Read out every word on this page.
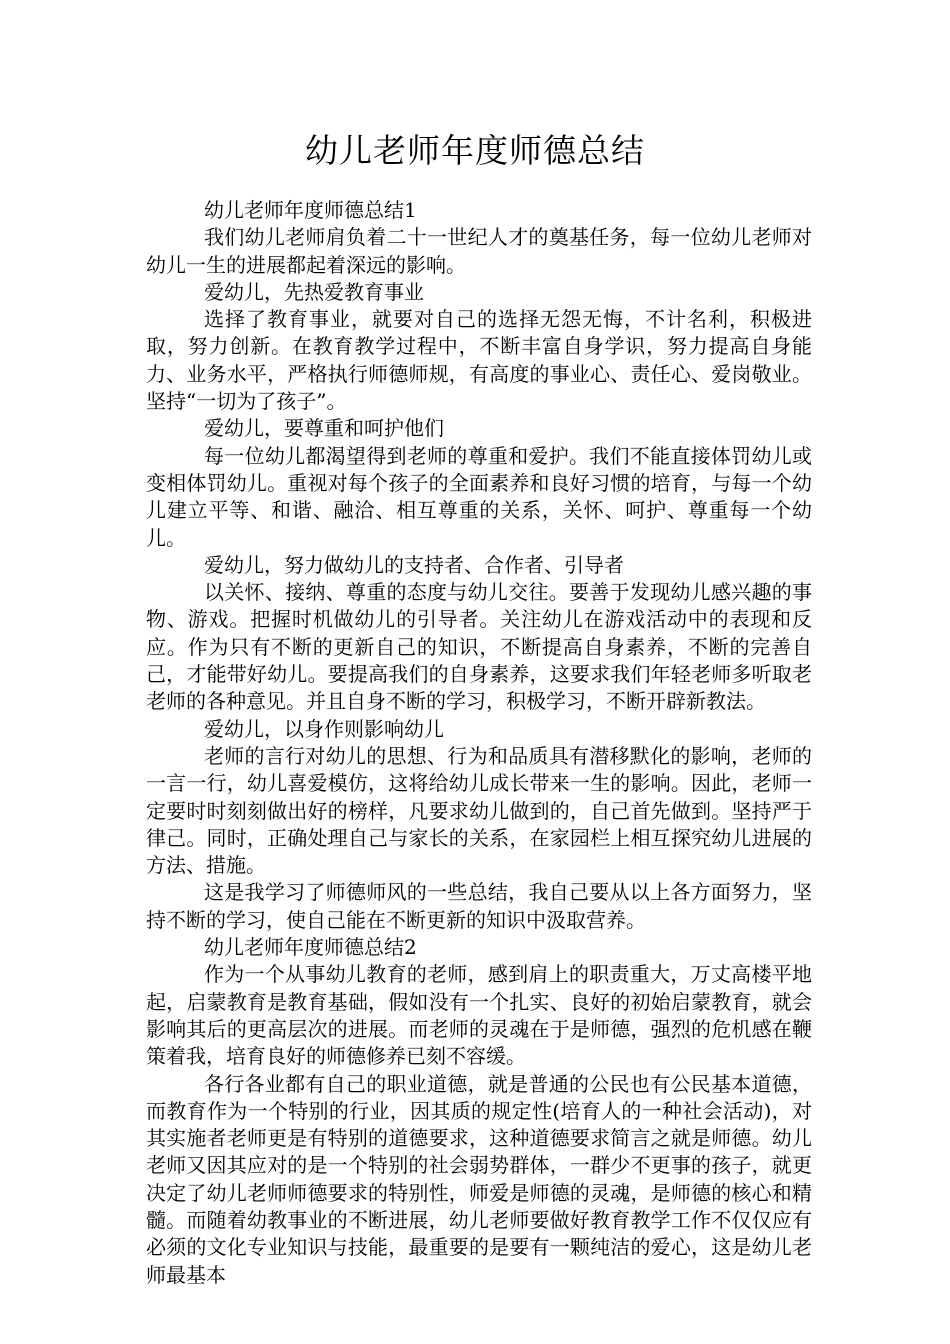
幼儿老师年度师德总结

幼儿老师年度师德总结1

我们幼儿老师肩负着二十一世纪人才的奠基任务，每一位幼儿老师对幼儿一生的进展都起着深远的影响。

爱幼儿，先热爱教育事业

选择了教育事业，就要对自己的选择无怨无悔，不计名利，积极进取，努力创新。在教育教学过程中，不断丰富自身学识，努力提高自身能力、业务水平，严格执行师德师规，有高度的事业心、责任心、爱岗敬业。坚持“一切为了孩子”。

爱幼儿，要尊重和呵护他们

每一位幼儿都渴望得到老师的尊重和爱护。我们不能直接体罚幼儿或变相体罚幼儿。重视对每个孩子的全面素养和良好习惯的培育，与每一个幼儿建立平等、和谐、融洽、相互尊重的关系，关怀、呵护、尊重每一个幼儿。

爱幼儿，努力做幼儿的支持者、合作者、引导者

以关怀、接纳、尊重的态度与幼儿交往。要善于发现幼儿感兴趣的事物、游戏。把握时机做幼儿的引导者。关注幼儿在游戏活动中的表现和反应。作为只有不断的更新自己的知识，不断提高自身素养，不断的完善自己，才能带好幼儿。要提高我们的自身素养，这要求我们年轻老师多听取老老师的各种意见。并且自身不断的学习，积极学习，不断开辟新教法。

爱幼儿，以身作则影响幼儿

老师的言行对幼儿的思想、行为和品质具有潜移默化的影响，老师的一言一行，幼儿喜爱模仿，这将给幼儿成长带来一生的影响。因此，老师一定要时时刻刻做出好的榜样，凡要求幼儿做到的，自己首先做到。坚持严于律己。同时，正确处理自己与家长的关系，在家园栏上相互探究幼儿进展的方法、措施。

这是我学习了师德师风的一些总结，我自己要从以上各方面努力，坚持不断的学习，使自己能在不断更新的知识中汲取营养。

幼儿老师年度师德总结2

作为一个从事幼儿教育的老师，感到肩上的职责重大，万丈高楼平地起，启蒙教育是教育基础，假如没有一个扎实、良好的初始启蒙教育，就会影响其后的更高层次的进展。而老师的灵魂在于是师德，强烈的危机感在鞭策着我，培育良好的师德修养已刻不容缓。

各行各业都有自己的职业道德，就是普通的公民也有公民基本道德，而教育作为一个特别的行业，因其质的规定性(培育人的一种社会活动)，对其实施者老师更是有特别的道德要求，这种道德要求简言之就是师德。幼儿老师又因其应对的是一个特别的社会弱势群体，一群少不更事的孩子，就更决定了幼儿老师师德要求的特别性，师爱是师德的灵魂，是师德的核心和精髓。而随着幼教事业的不断进展，幼儿老师要做好教育教学工作不仅仅应有必须的文化专业知识与技能，最重要的是要有一颗纯洁的爱心，这是幼儿老师最基本
